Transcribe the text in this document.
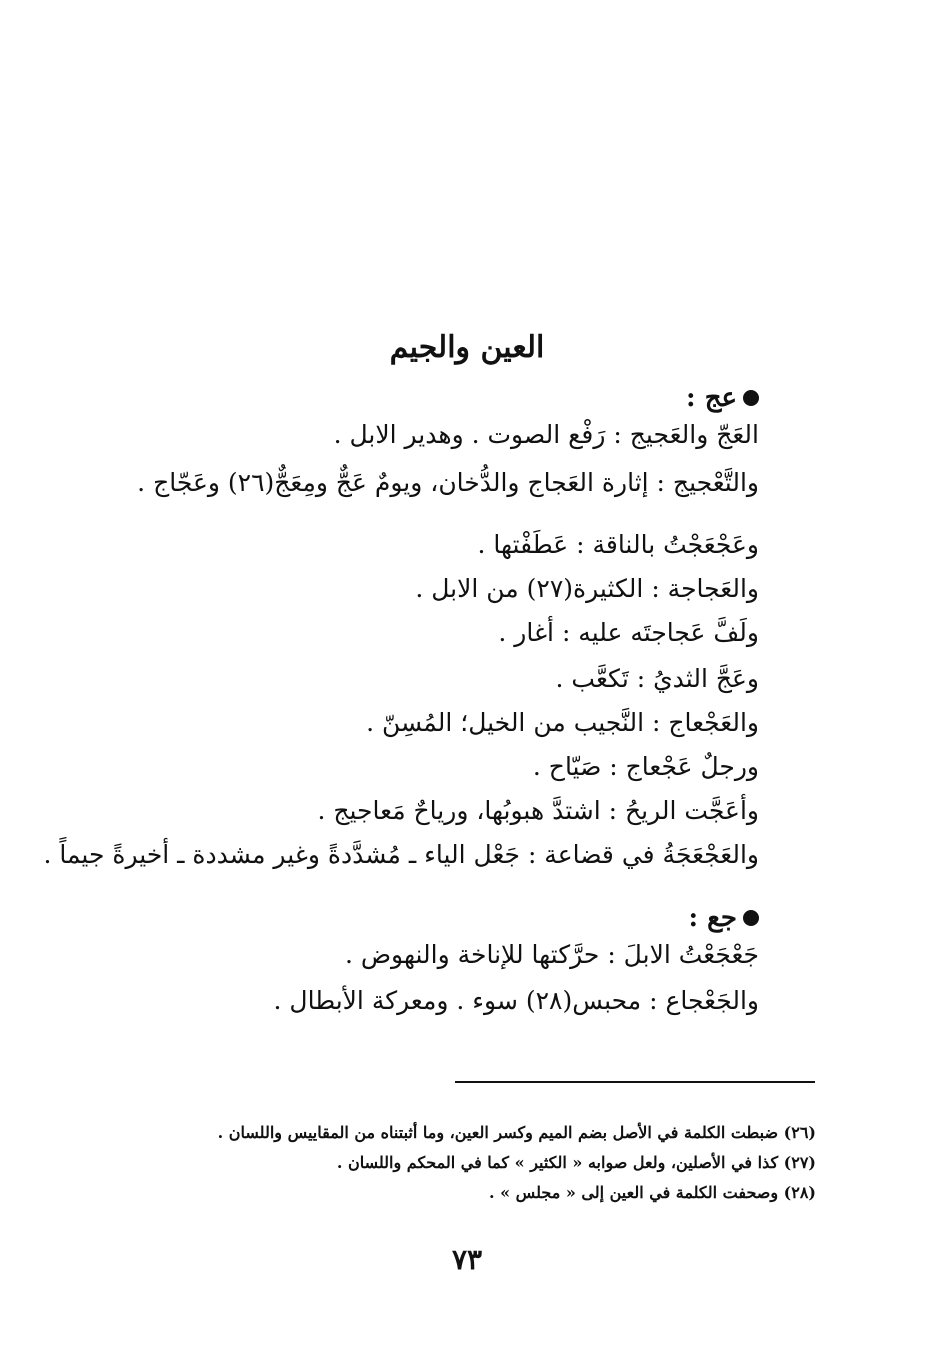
العين والجيم
عج :
العَجّ والعَجيج : رَفْع الصوت . وهدير الابل .
والتَّعْجيج : إثارة العَجاج والدُّخان، ويومٌ عَجٌّ ومِعَجٌّ(٢٦) وعَجّاج .
وعَجْعَجْتُ بالناقة : عَطَفْتها .
والعَجاجة : الكثيرة(٢٧) من الابل .
ولَفَّ عَجاجتَه عليه : أغار .
وعَجَّ الثديُ : تَكعَّب .
والعَجْعاج : النَّجيب من الخيل؛ المُسِنّ .
ورجلٌ عَجْعاج : صَيّاح .
وأعَجَّت الريحُ : اشتدَّ هبوبُها، ورياحٌ مَعاجيج .
والعَجْعَجَةُ في قضاعة : جَعْل الياء ـ مُشدَّدةً وغير مشددة ـ أخيرةً جيماً .
جع :
جَعْجَعْتُ الابلَ : حرَّكتها للإناخة والنهوض .
والجَعْجاع : محبس(٢٨) سوء . ومعركة الأبطال .
(٢٦) ضبطت الكلمة في الأصل بضم الميم وكسر العين، وما أثبتناه من المقاييس واللسان .
(٢٧) كذا في الأصلين، ولعل صوابه « الكثير » كما في المحكم واللسان .
(٢٨) وصحفت الكلمة في العين إلى « مجلس » .
٧٣
